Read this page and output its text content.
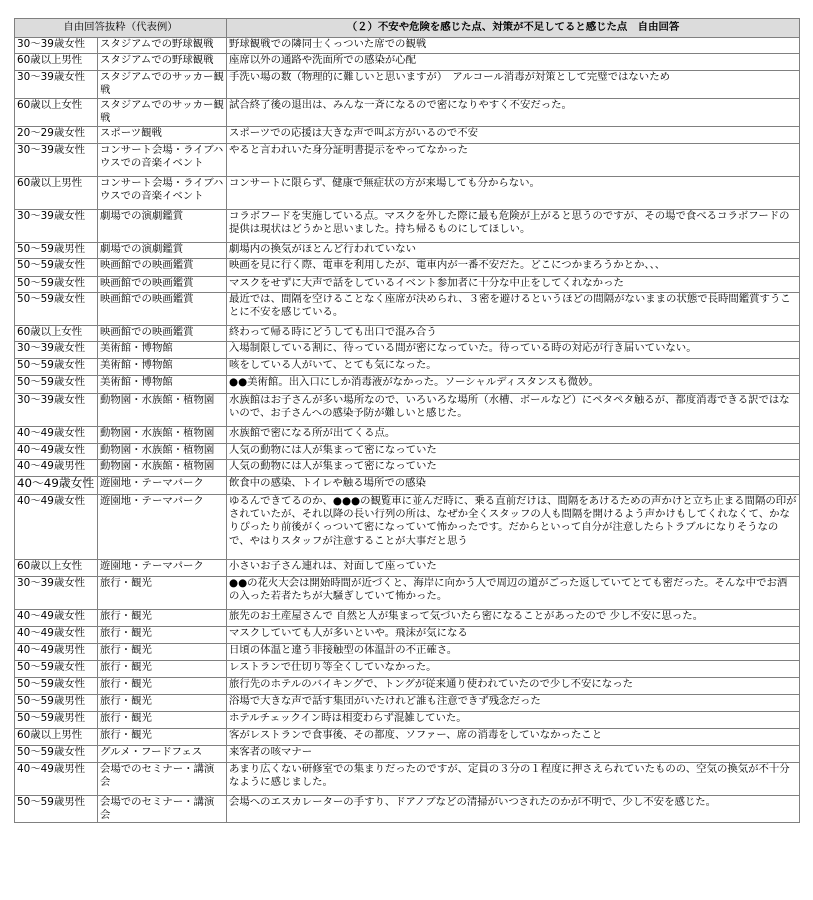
自由回答抜粋（代表例）		（２）不安や危険を感じた点、対策が不足してると感じた点　自由回答
30～39歳女性	スタジアムでの野球観戦	野球観戦での隣同士くっついた席での観戦
60歳以上男性	スタジアムでの野球観戦	座席以外の通路や洗面所での感染が心配
30～39歳女性	スタジアムでのサッカー観戦	手洗い場の数（物理的に難しいと思いますが）　アルコール消毒が対策として完璧ではないため
60歳以上女性	スタジアムでのサッカー観戦	試合終了後の退出は、みんな一斉になるので密になりやすく不安だった。
20～29歳女性	スポーツ観戦	スポーツでの応援は大きな声で叫ぶ方がいるので不安
30～39歳女性	コンサート会場・ライブハウスでの音楽イベント	やると言われいた身分証明書提示をやってなかった
60歳以上男性	コンサート会場・ライブハウスでの音楽イベント	コンサートに限らず、健康で無症状の方が来場しても分からない。
30～39歳女性	劇場での演劇鑑賞	コラボフードを実施している点。マスクを外した際に最も危険が上がると思うのですが、その場で食べるコラボフードの提供は現状はどうかと思いました。持ち帰るものにしてほしい。
50～59歳男性	劇場での演劇鑑賞	劇場内の換気がほとんど行われていない
50～59歳女性	映画館での映画鑑賞	映画を見に行く際、電車を利用したが、電車内が一番不安だた。どこにつかまろうかとか、、、
50～59歳女性	映画館での映画鑑賞	マスクをせずに大声で話をしているイベント参加者に十分な中止をしてくれなかった
50～59歳女性	映画館での映画鑑賞	最近では、間隔を空けることなく座席が決められ、３密を避けるというほどの間隔がないままの状態で長時間鑑賞すうことに不安を感じている。
60歳以上女性	映画館での映画鑑賞	終わって帰る時にどうしても出口で混み合う
30～39歳女性	美術館・博物館	入場制限している割に、待っている間が密になっていた。待っている時の対応が行き届いていない。
50～59歳女性	美術館・博物館	咳をしている人がいて、とても気になった。
50～59歳女性	美術館・博物館	●●美術館。出入口にしか消毒液がなかった。ソーシャルディスタンスも微妙。
30～39歳女性	動物園・水族館・植物園	水族館はお子さんが多い場所なので、いろいろな場所（水槽、ボールなど）にペタペタ触るが、都度消毒できる訳ではないので、お子さんへの感染予防が難しいと感じた。
40～49歳女性	動物園・水族館・植物園	水族館で密になる所が出てくる点。
40～49歳女性	動物園・水族館・植物園	人気の動物には人が集まって密になっていた
40～49歳男性	動物園・水族館・植物園	人気の動物には人が集まって密になっていた
40～49歳女性	遊園地・テーマパーク	飲食中の感染、トイレや触る場所での感染
40～49歳女性	遊園地・テーマパーク	ゆるんできてるのか、●●●の観覧車に並んだ時に、乗る直前だけは、間隔をあけるための声かけと立ち止まる間隔の印がされていたが、それ以降の長い行列の所は、なぜか全くスタッフの人も間隔を開けるよう声かけもしてくれなくて、かなりぴったり前後がくっついて密になっていて怖かったです。だからといって自分が注意したらトラブルになりそうなので、やはりスタッフが注意することが大事だと思う
60歳以上女性	遊園地・テーマパーク	小さいお子さん連れは、対面して座っていた
30～39歳女性	旅行・観光	●●の花火大会は開始時間が近づくと、海岸に向かう人で周辺の道がごった返していてとても密だった。そんな中でお酒の入った若者たちが大騒ぎしていて怖かった。
40～49歳女性	旅行・観光	旅先のお土産屋さんで 自然と人が集まって気づいたら密になることがあったので 少し不安に思った。
40～49歳女性	旅行・観光	マスクしていても人が多いといや。飛沫が気になる
40～49歳男性	旅行・観光	日頃の体温と違う非接触型の体温計の不正確さ。
50～59歳女性	旅行・観光	レストランで仕切り等全くしていなかった。
50～59歳女性	旅行・観光	旅行先のホテルのバイキングで、トングが従来通り使われていたので少し不安になった
50～59歳男性	旅行・観光	浴場で大きな声で話す集団がいたけれど誰も注意できず残念だった
50～59歳男性	旅行・観光	ホテルチェックイン時は相変わらず混雑していた。
60歳以上男性	旅行・観光	客がレストランで食事後、その都度、ソファー、席の消毒をしていなかったこと
50～59歳女性	グルメ・フードフェス	来客者の咳マナー
40～49歳男性	会場でのセミナー・講演会	あまり広くない研修室での集まりだったのですが、定員の３分の１程度に押さえられていたものの、空気の換気が不十分なように感じました。
50～59歳男性	会場でのセミナー・講演会	会場へのエスカレーターの手すり、ドアノブなどの清掃がいつされたのかが不明で、少し不安を感じた。
